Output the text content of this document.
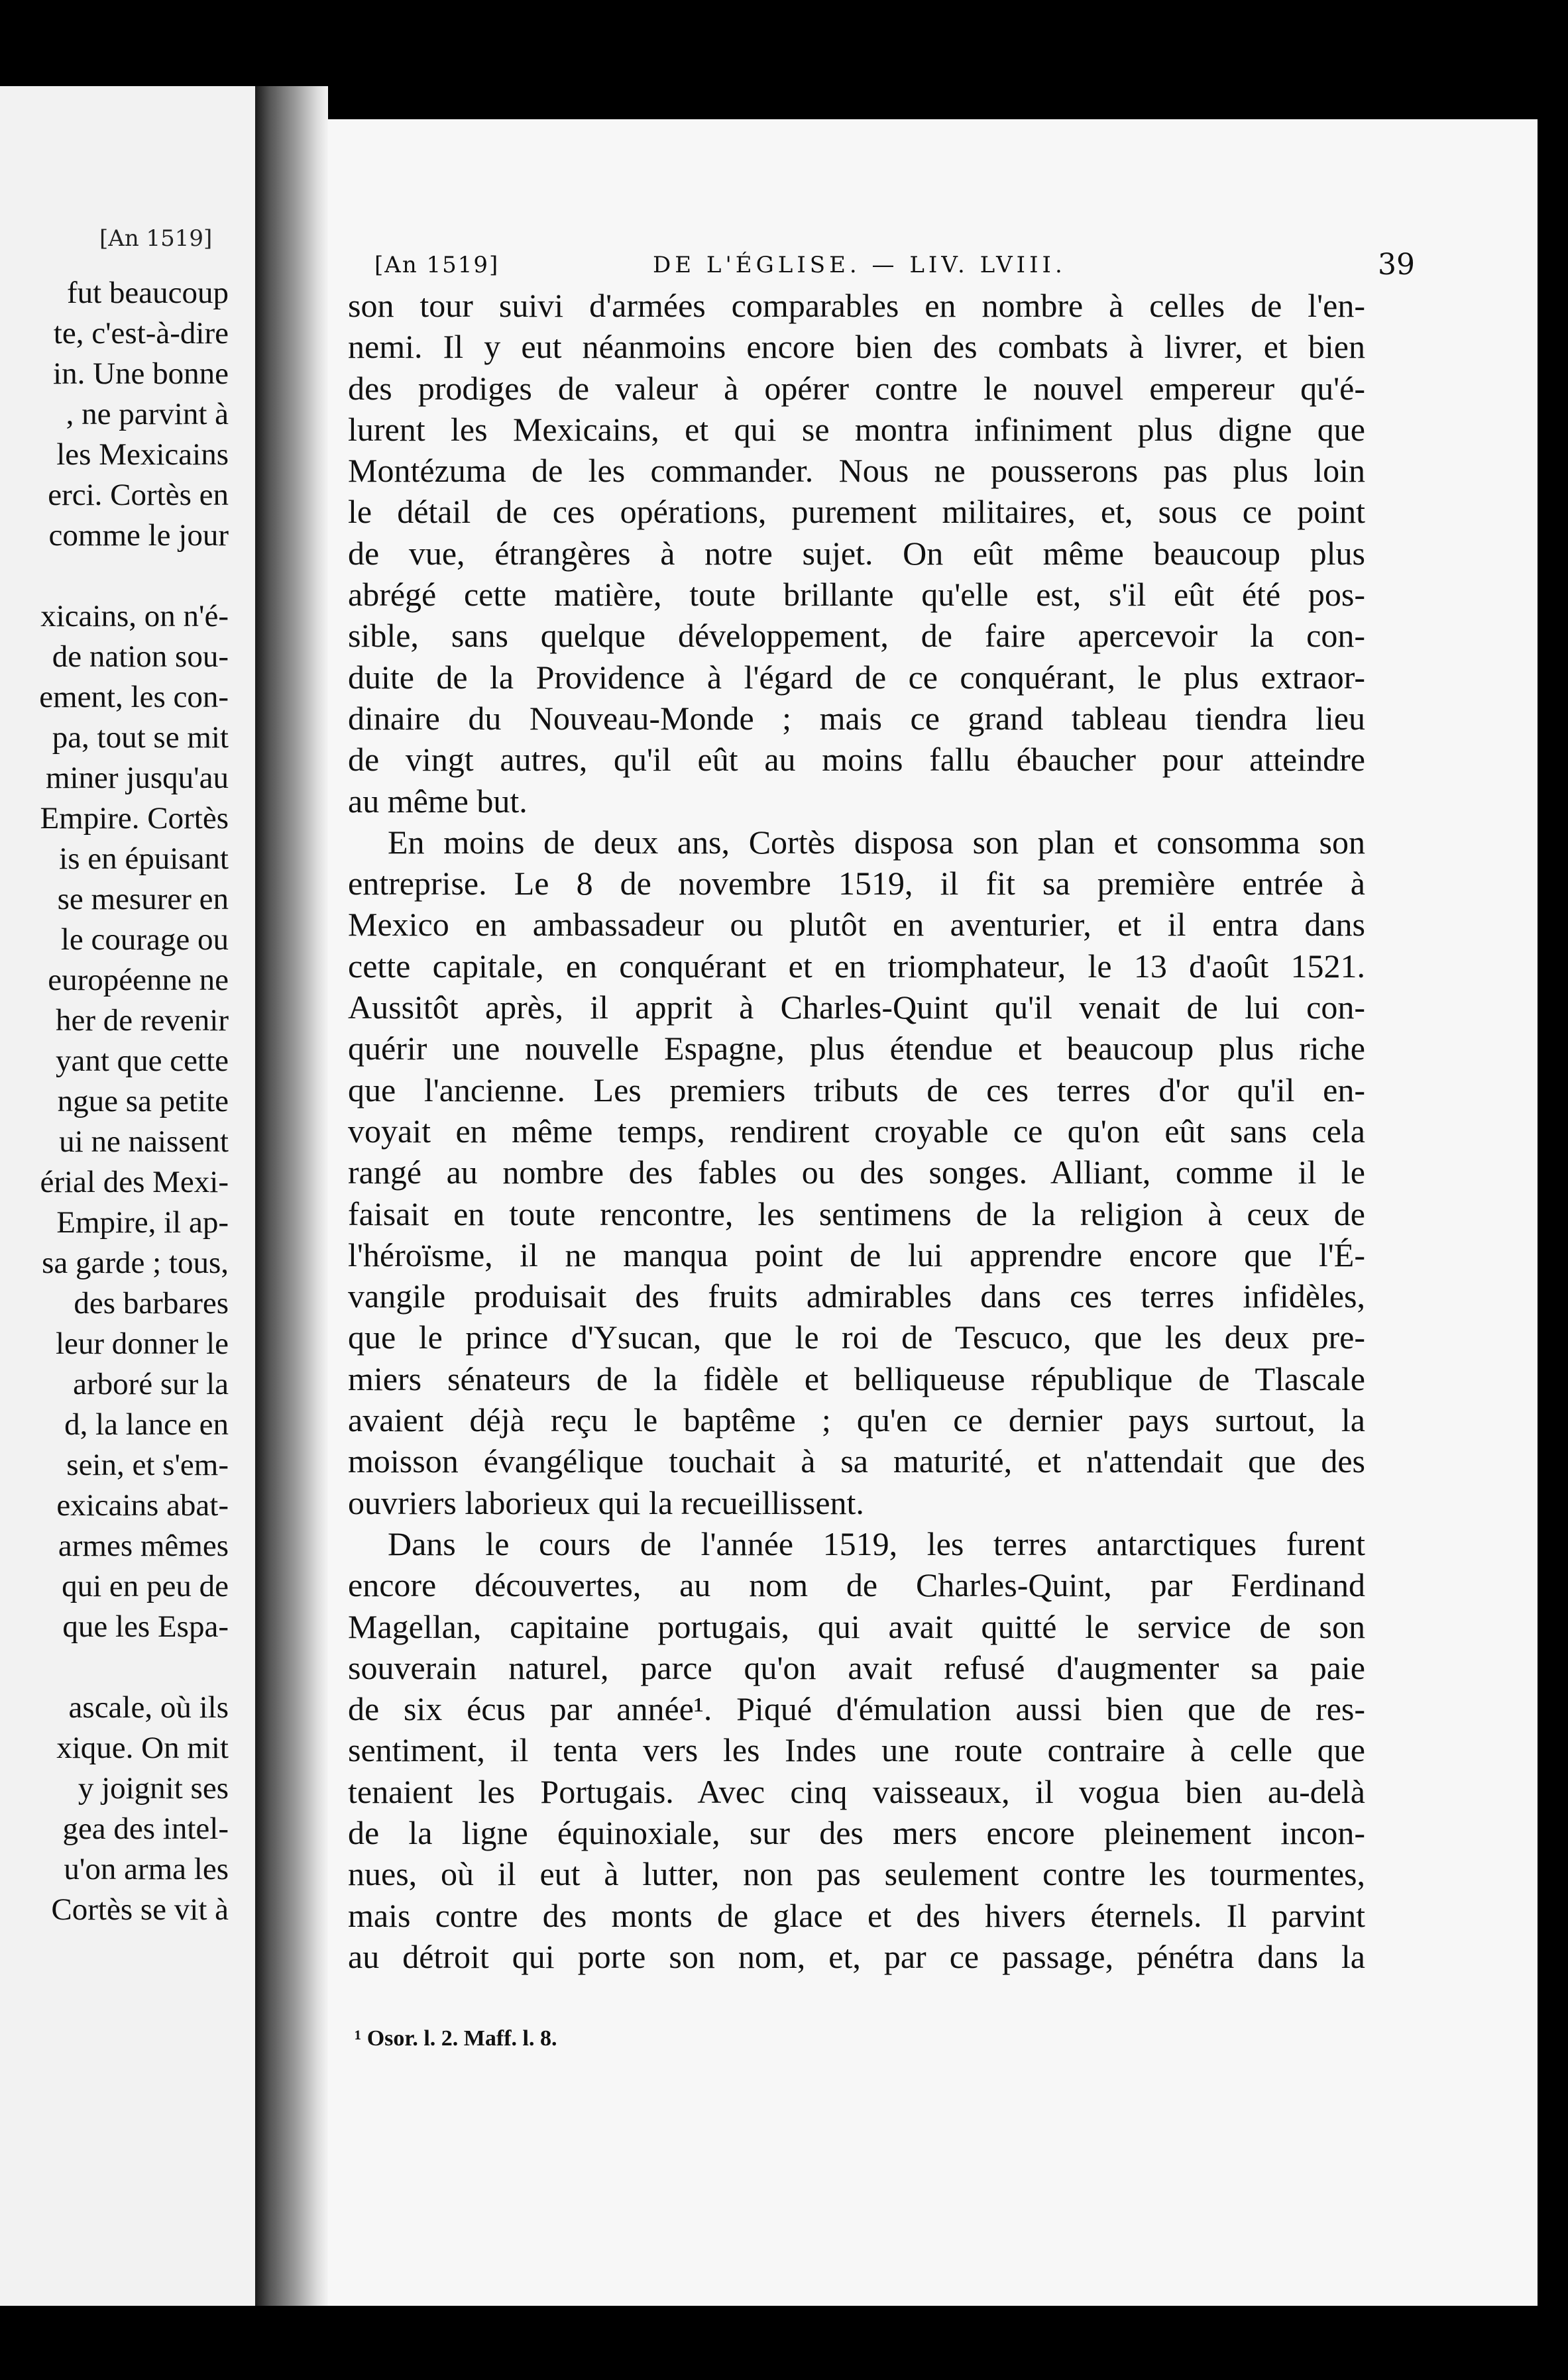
[An 1519]
fut beaucoup
te, c'est-à-dire
in. Une bonne
, ne parvint à
les Mexicains
erci. Cortès en
comme le jour
xicains, on n'é-
de nation sou-
ement, les con-
pa, tout se mit
miner jusqu'au
Empire. Cortès
is en épuisant
se mesurer en
le courage ou
européenne ne
her de revenir
yant que cette
ngue sa petite
ui ne naissent
érial des Mexi-
Empire, il ap-
sa garde ; tous,
des barbares
leur donner le
arboré sur la
d, la lance en
sein, et s'em-
exicains abat-
armes mêmes
qui en peu de
que les Espa-
ascale, où ils
xique. On mit
y joignit ses
gea des intel-
u'on arma les
Cortès se vit à
[An 1519]	DE L'ÉGLISE. — LIV. LVIII.	39
son tour suivi d'armées comparables en nombre à celles de l'en-
nemi. Il y eut néanmoins encore bien des combats à livrer, et bien
des prodiges de valeur à opérer contre le nouvel empereur qu'é-
lurent les Mexicains, et qui se montra infiniment plus digne que
Montézuma de les commander. Nous ne pousserons pas plus loin
le détail de ces opérations, purement militaires, et, sous ce point
de vue, étrangères à notre sujet. On eût même beaucoup plus
abrégé cette matière, toute brillante qu'elle est, s'il eût été pos-
sible, sans quelque développement, de faire apercevoir la con-
duite de la Providence à l'égard de ce conquérant, le plus extraor-
dinaire du Nouveau-Monde ; mais ce grand tableau tiendra lieu
de vingt autres, qu'il eût au moins fallu ébaucher pour atteindre
au même but.
En moins de deux ans, Cortès disposa son plan et consomma son
entreprise. Le 8 de novembre 1519, il fit sa première entrée à
Mexico en ambassadeur ou plutôt en aventurier, et il entra dans
cette capitale, en conquérant et en triomphateur, le 13 d'août 1521.
Aussitôt après, il apprit à Charles-Quint qu'il venait de lui con-
quérir une nouvelle Espagne, plus étendue et beaucoup plus riche
que l'ancienne. Les premiers tributs de ces terres d'or qu'il en-
voyait en même temps, rendirent croyable ce qu'on eût sans cela
rangé au nombre des fables ou des songes. Alliant, comme il le
faisait en toute rencontre, les sentimens de la religion à ceux de
l'héroïsme, il ne manqua point de lui apprendre encore que l'É-
vangile produisait des fruits admirables dans ces terres infidèles,
que le prince d'Ysucan, que le roi de Tescuco, que les deux pre-
miers sénateurs de la fidèle et belliqueuse république de Tlascale
avaient déjà reçu le baptême ; qu'en ce dernier pays surtout, la
moisson évangélique touchait à sa maturité, et n'attendait que des
ouvriers laborieux qui la recueillissent.
Dans le cours de l'année 1519, les terres antarctiques furent
encore découvertes, au nom de Charles-Quint, par Ferdinand
Magellan, capitaine portugais, qui avait quitté le service de son
souverain naturel, parce qu'on avait refusé d'augmenter sa paie
de six écus par année¹. Piqué d'émulation aussi bien que de res-
sentiment, il tenta vers les Indes une route contraire à celle que
tenaient les Portugais. Avec cinq vaisseaux, il vogua bien au-delà
de la ligne équinoxiale, sur des mers encore pleinement incon-
nues, où il eut à lutter, non pas seulement contre les tourmentes,
mais contre des monts de glace et des hivers éternels. Il parvint
au détroit qui porte son nom, et, par ce passage, pénétra dans la
¹ Osor. l. 2. Maff. l. 8.
